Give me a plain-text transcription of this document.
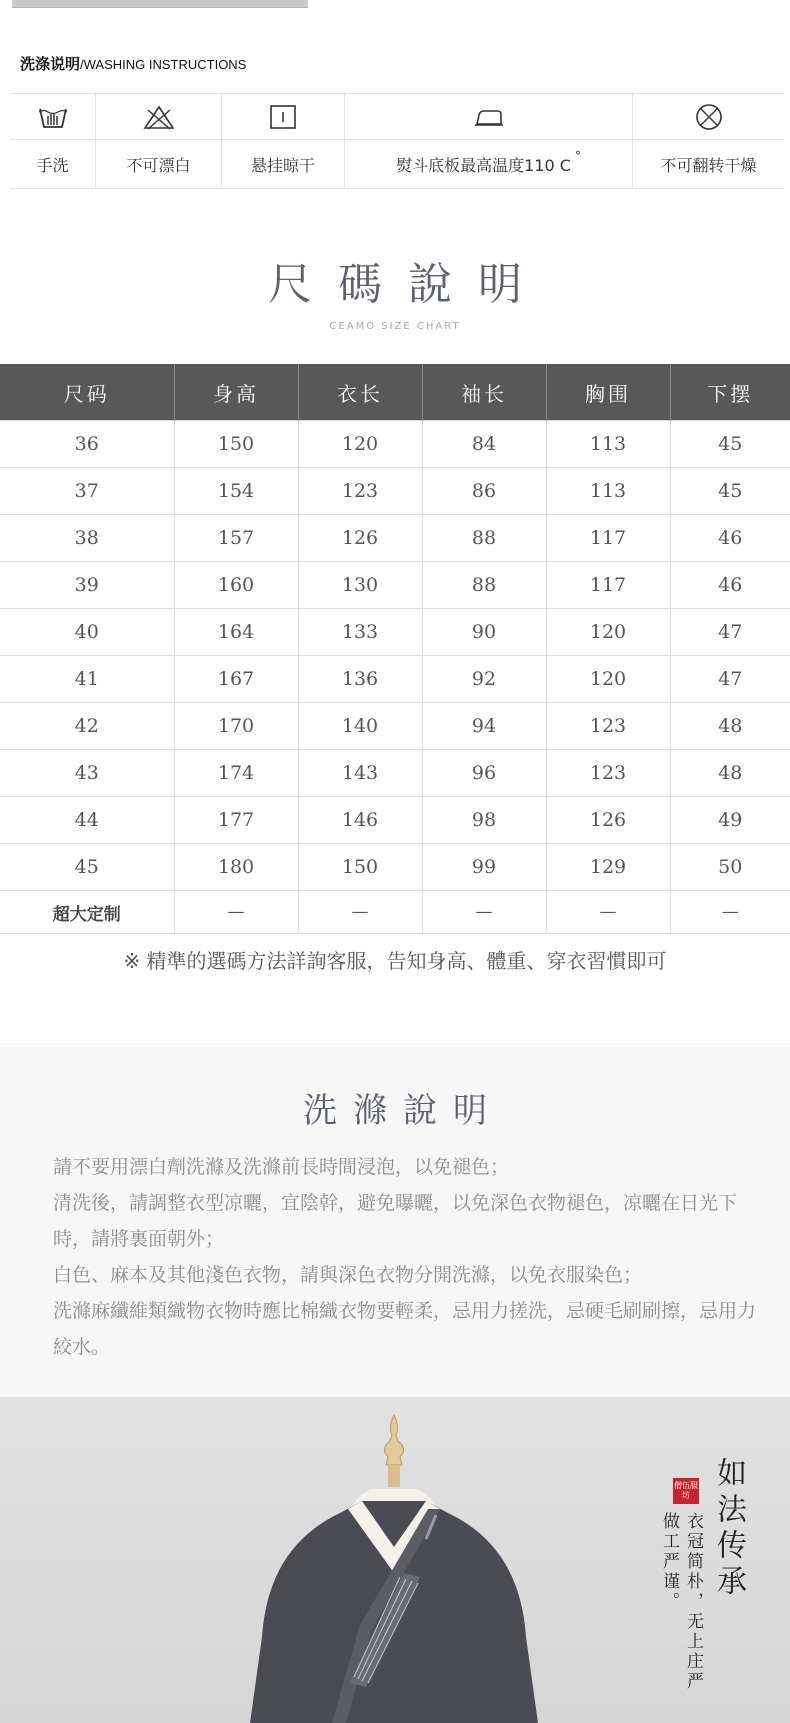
洗涤说明/WASHING INSTRUCTIONS
手洗	不可漂白	悬挂晾干	熨斗底板最高温度110 C °	不可翻转干燥
尺碼說明
CEAMO SIZE CHART
尺码	身高	衣长	袖长	胸围	下摆
36	150	120	84	113	45
37	154	123	86	113	45
38	157	126	88	117	46
39	160	130	88	117	46
40	164	133	90	120	47
41	167	136	92	120	47
42	170	140	94	123	48
43	174	143	96	123	48
44	177	146	98	126	49
45	180	150	99	129	50
超大定制	—	—	—	—	—
※ 精準的選碼方法詳詢客服，告知身高、體重、穿衣習慣即可
洗滌說明

請不要用漂白劑洗滌及洗滌前長時間浸泡，以免褪色；

清洗後，請調整衣型凉曬，宜陰幹，避免曝曬，以免深色衣物褪色，凉曬在日光下時，請將裏面朝外；

白色、麻本及其他淺色衣物，請與深色衣物分開洗滌，以免衣服染色；

洗滌麻纖維類織物衣物時應比棉織衣物要輕柔，忌用力搓洗，忌硬毛刷刷擦，忌用力絞水。

僧伍服坊 如法传承
衣冠简朴，无上庄严
做工严谨。
